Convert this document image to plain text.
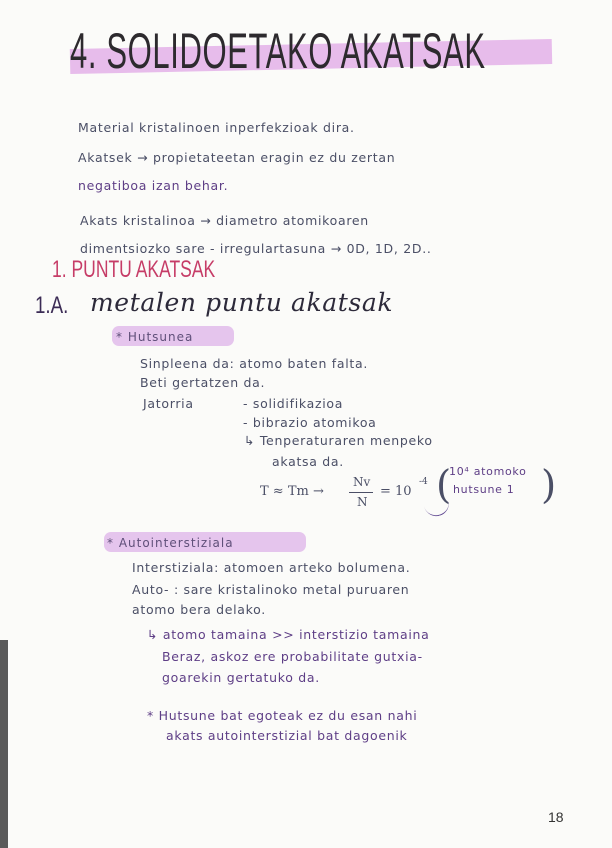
4. SOLIDOETAKO AKATSAK
Material kristalinoen inperfekzioak dira.
Akatsek → propietateetan eragin ez du zertan
negatiboa izan behar.
Akats kristalinoa → diametro atomikoaren
dimentsiozko sare - irregulartasuna → 0D, 1D, 2D..
1. PUNTU AKATSAK
1.A. metalen puntu akatsak
* Hutsunea
Sinpleena da: atomo baten falta.
Beti gertatzen da.
Jatorria	- solidifikazioa
- bibrazio atomikoa
↳ Tenperaturaren menpeko
akatsa da.
T ≈ Tm →
Nv
N
= 10
-4 (
10⁴ atomoko
hutsune 1 )
* Autointerstiziala
Interstiziala: atomoen arteko bolumena.
Auto- : sare kristalinoko metal puruaren
atomo bera delako.
↳ atomo tamaina >> interstizio tamaina
Beraz, askoz ere probabilitate gutxia-
goarekin gertatuko da.
* Hutsune bat egoteak ez du esan nahi
akats autointerstizial bat dagoenik
18
